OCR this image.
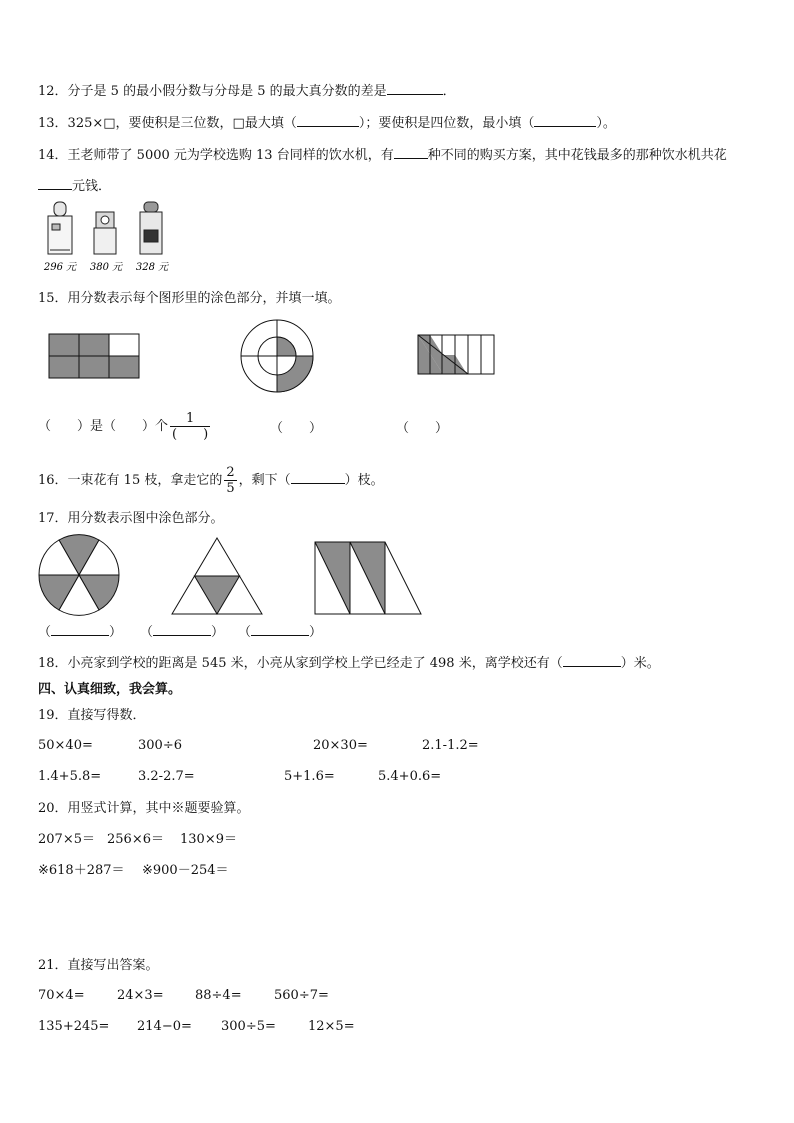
12．分子是 5 的最小假分数与分母是 5 的最大真分数的差是	．
13．325×□，要使积是三位数，□最大填（	）；要使积是四位数，最小填（	）。
14．王老师带了 5000 元为学校选购 13 台同样的饮水机，有	种不同的购买方案，其中花钱最多的那种饮水机共花
元钱．
296 元 380 元 328 元
15．用分数表示每个图形里的涂色部分，并填一填。
（　　）是（　　）个 $\frac{1}{( )}$	（　　）	（　　）
16．一束花有 15 枝，拿走它的 $\frac{2}{5}$ ，剩下（	）枝。
17．用分数表示图中涂色部分。
（	） （	） （	）
18．小亮家到学校的距离是 545 米，小亮从家到学校上学已经走了 498 米，离学校还有（	）米。
四、认真细致，我会算。
19．直接写得数．
50×40=	300÷6	20×30=	2.1-1.2=
1.4+5.8=	3.2-2.7=	5+1.6=	5.4+0.6=
20．用竖式计算，其中※题要验算。
207×5＝ 256×6＝ 130×9＝
※618＋287＝ ※900－254＝
21．直接写出答案。
70×4= 24×3= 88÷4= 560÷7=
135+245= 214−0= 300÷5= 12×5=
